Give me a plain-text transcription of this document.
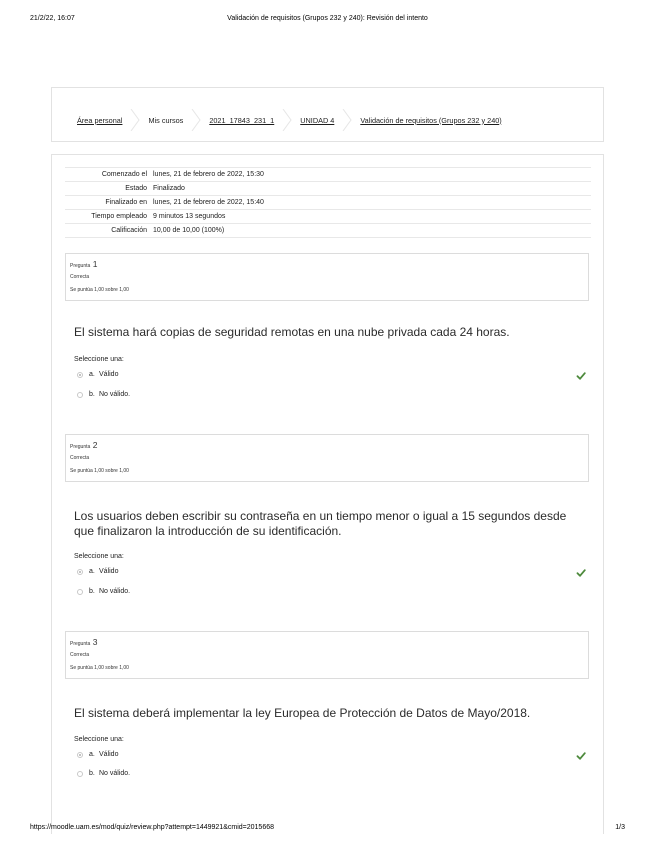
21/2/22, 16:07	Validación de requisitos (Grupos 232 y 240): Revisión del intento
Área personal	Mis cursos	2021_17843_231_1	UNIDAD 4	Validación de requisitos (Grupos 232 y 240)
Comenzado el	lunes, 21 de febrero de 2022, 15:30
Estado	Finalizado
Finalizado en	lunes, 21 de febrero de 2022, 15:40
Tiempo empleado	9 minutos 13 segundos
Calificación	10,00 de 10,00 (100%)
Pregunta 1
Correcta
Se puntúa 1,00 sobre 1,00
El sistema hará copias de seguridad remotas en una nube privada cada 24 horas.
Seleccione una:
a. Válido
b. No válido.
Pregunta 2
Correcta
Se puntúa 1,00 sobre 1,00
Los usuarios deben escribir su contraseña en un tiempo menor o igual a 15 segundos desde que finalizaron la introducción de su identificación.
Seleccione una:
a. Válido
b. No válido.
Pregunta 3
Correcta
Se puntúa 1,00 sobre 1,00
El sistema deberá implementar la ley Europea de Protección de Datos de Mayo/2018.
Seleccione una:
a. Válido
b. No válido.
https://moodle.uam.es/mod/quiz/review.php?attempt=1449921&cmid=2015668	1/3
